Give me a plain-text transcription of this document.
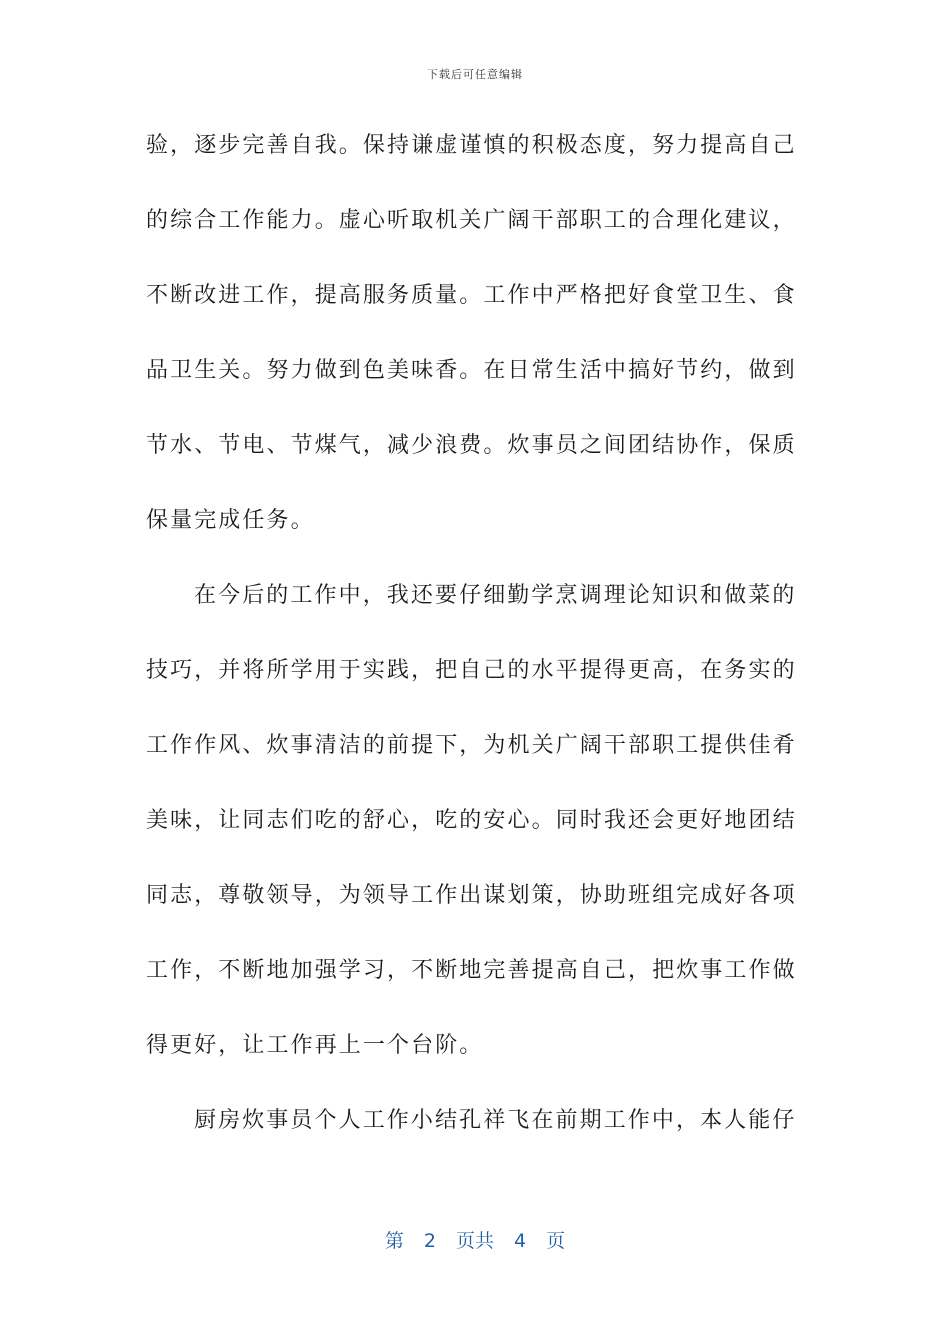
下载后可任意编辑
验，逐步完善自我。保持谦虚谨慎的积极态度，努力提高自己
的综合工作能力。虚心听取机关广阔干部职工的合理化建议，
不断改进工作，提高服务质量。工作中严格把好食堂卫生、食
品卫生关。努力做到色美味香。在日常生活中搞好节约，做到
节水、节电、节煤气，减少浪费。炊事员之间团结协作，保质
保量完成任务。
在今后的工作中，我还要仔细勤学烹调理论知识和做菜的
技巧，并将所学用于实践，把自己的水平提得更高，在务实的
工作作风、炊事清洁的前提下，为机关广阔干部职工提供佳肴
美味，让同志们吃的舒心，吃的安心。同时我还会更好地团结
同志，尊敬领导，为领导工作出谋划策，协助班组完成好各项
工作，不断地加强学习，不断地完善提高自己，把炊事工作做
得更好，让工作再上一个台阶。
厨房炊事员个人工作小结孔祥飞在前期工作中，本人能仔
第 2 页共 4 页
